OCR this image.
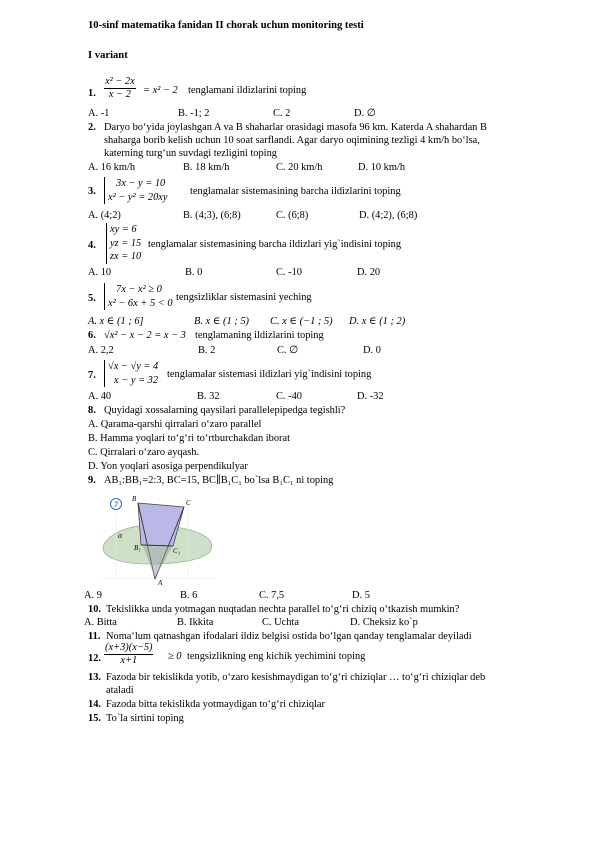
10-sinf matematika fanidan II chorak uchun monitoring testi
I variant
1. $\frac{\text{x² − 2x}}{x - 2} = x^2 - 2$ tenglamani ildizlarini toping
A. -1	B. -1; 2	C. 2	D. ∅
2. Daryo bo‘yida joylashgan A va B shaharlar orasidagi masofa 96 km. Katerda A shahardan B
shaharga borib kelish uchun 10 soat sarflandi. Agar daryo oqimining tezligi 4 km/h bo‘lsa,
katerning turg‘un suvdagi tezligini toping
A. 16 km/h	B. 18 km/h	C. 20 km/h	D. 10 km/h
3.
3x − y = 10
x² − y² = 20xy
tenglamalar sistemasining barcha ildizlarini toping
A. (4;2)	B. (4;3), (6;8)	C. (6;8)	D. (4;2), (6;8)
4.
xy = 6
yz = 15
zx = 10
tenglamalar sistemasining barcha ildizlari yig`indisini toping
A. 10	B. 0	C. -10	D. 20
5.
7x − x² ≥ 0
x² − 6x + 5 < 0
tengsizliklar sistemasini yeching
A. x ∈ (1 ; 6]	B. x ∈ (1 ; 5) C. x ∈ (−1 ; 5) D. x ∈ (1 ; 2)
6. √x² − x − 2 = x − 3 tenglamaning ildizlarini toping
A. 2,2	B. 2	C. ∅	D. 0
7.
√x − √y = 4
x − y = 32
tenglamalar sistemasi ildizlari yig`indisini toping
A. 40	B. 32	C. -40	D. -32
8. Quyidagi xossalarning qaysilari parallelepipedga tegishli?
A. Qarama-qarshi qirralari o‘zaro parallel
B. Hamma yoqlari to‘g‘ri to‘rtburchakdan iborat
C. Qirralari o‘zaro ayqash.
D. Yon yoqlari asosiga perpendikulyar
9. AB₁:BB₁=2:3, BC=15, BC∥B₁C₁ bo`lsa B₁C₁ ni toping
7
B	C
B₁	C₁
A
α
A. 9	B. 6	C. 7,5	D. 5
10. Tekislikka unda yotmagan nuqtadan nechta parallel to‘g‘ri chiziq o‘tkazish mumkin?
A. Bitta	B. Ikkita	C. Uchta	D. Cheksiz ko`p
11. Noma‘lum qatnashgan ifodalari ildiz belgisi ostida bo‘lgan qanday tenglamalar deyiladi
12. $\frac{(x+3)(x-5)}{x+1} \ge 0$ tengsizlikning eng kichik yechimini toping
13. Fazoda bir tekislikda yotib, o‘zaro kesishmaydigan to‘g‘ri chiziqlar … to‘g‘ri chiziqlar deb
ataladi
14. Fazoda bitta tekislikda yotmaydigan to‘g‘ri chiziqlar
15. To`la sirtini toping
